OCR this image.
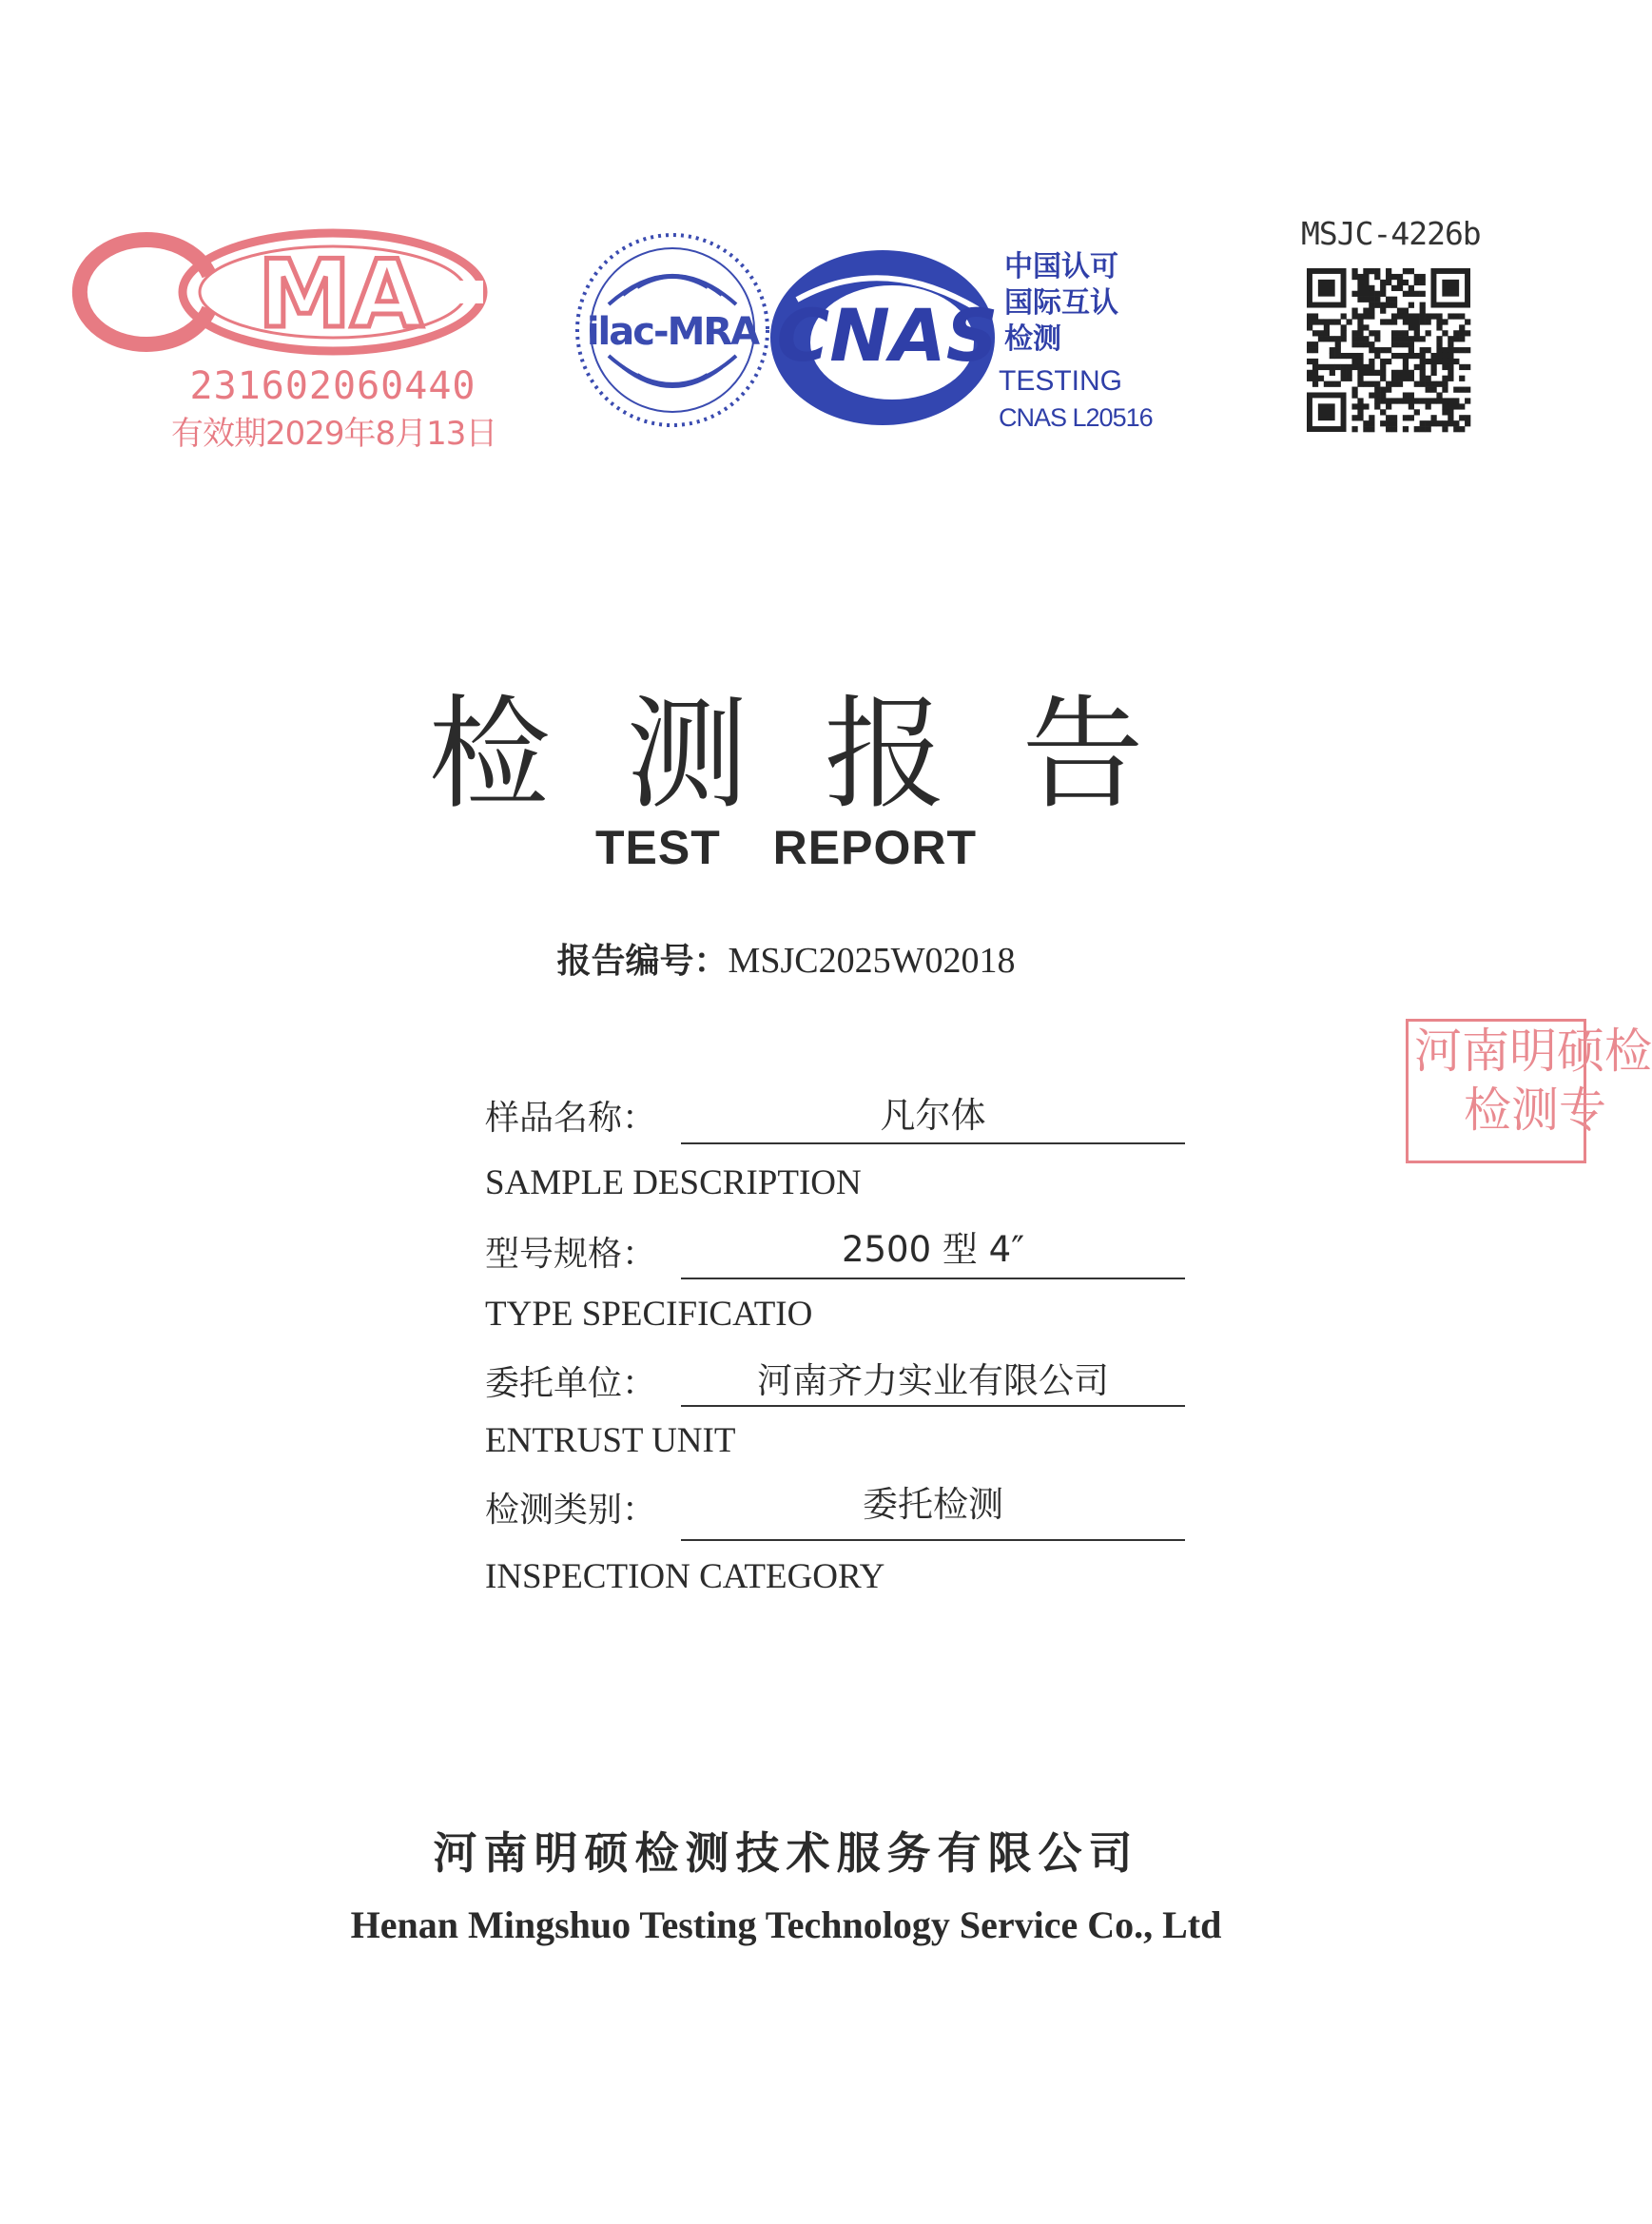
MA
231602060440
有效期2029年8月13日
ilac-MRA CNAS
中国认可
国际互认
检测
TESTING
CNAS L20516
MSJC-4226b
检测报告
TEST REPORT
报告编号：MSJC2025W02018
河南明硕检
检测专
样品名称：	凡尔体
SAMPLE DESCRIPTION
型号规格：	2500 型 4″
TYPE SPECIFICATIO
委托单位：	河南齐力实业有限公司
ENTRUST UNIT
检测类别：	委托检测
INSPECTION CATEGORY
河南明硕检测技术服务有限公司
Henan Mingshuo Testing Technology Service Co., Ltd
